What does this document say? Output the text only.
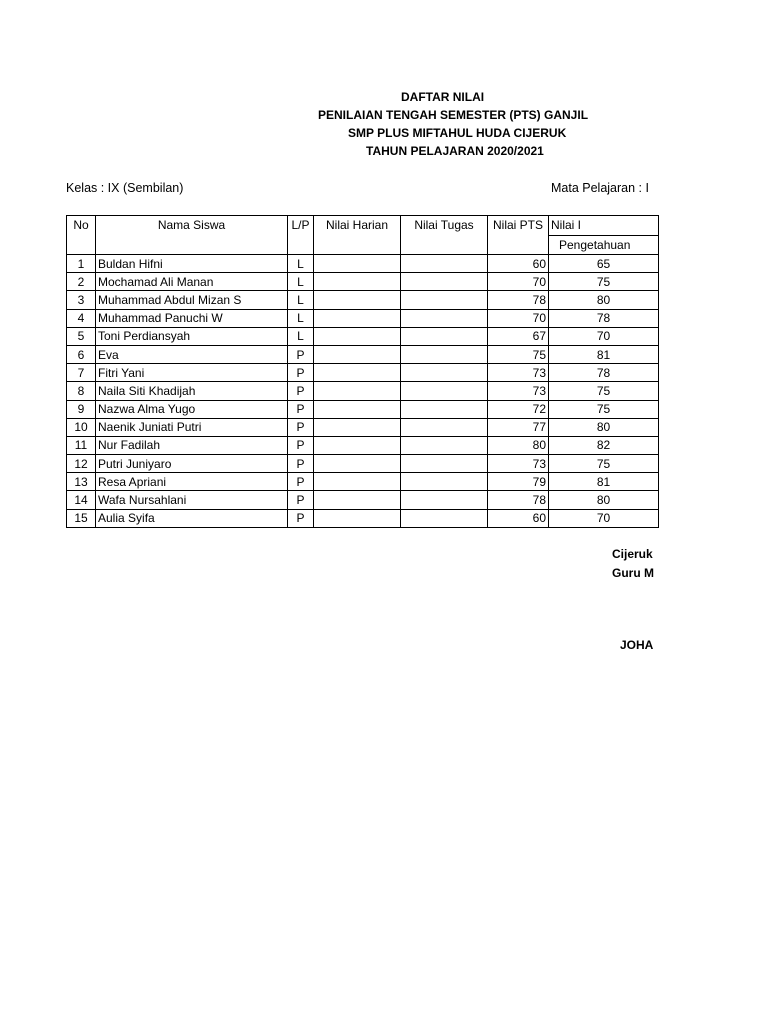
DAFTAR NILAI
PENILAIAN TENGAH SEMESTER (PTS) GANJIL
SMP PLUS MIFTAHUL HUDA CIJERUK
TAHUN PELAJARAN 2020/2021
Kelas : IX (Sembilan)	Mata Pelajaran : I
No	Nama Siswa	L/P	Nilai Harian	Nilai Tugas	Nilai PTS	Nilai I
						Pengetahuan
1	Buldan Hifni	L			60	65
2	Mochamad Ali Manan	L			70	75
3	Muhammad Abdul Mizan S	L			78	80
4	Muhammad Panuchi W	L			70	78
5	Toni Perdiansyah	L			67	70
6	Eva	P			75	81
7	Fitri Yani	P			73	78
8	Naila Siti Khadijah	P			73	75
9	Nazwa Alma Yugo	P			72	75
10	Naenik Juniati Putri	P			77	80
11	Nur Fadilah	P			80	82
12	Putri Juniyaro	P			73	75
13	Resa Apriani	P			79	81
14	Wafa Nursahlani	P			78	80
15	Aulia Syifa	P			60	70
Cijeruk
Guru M
JOHA
